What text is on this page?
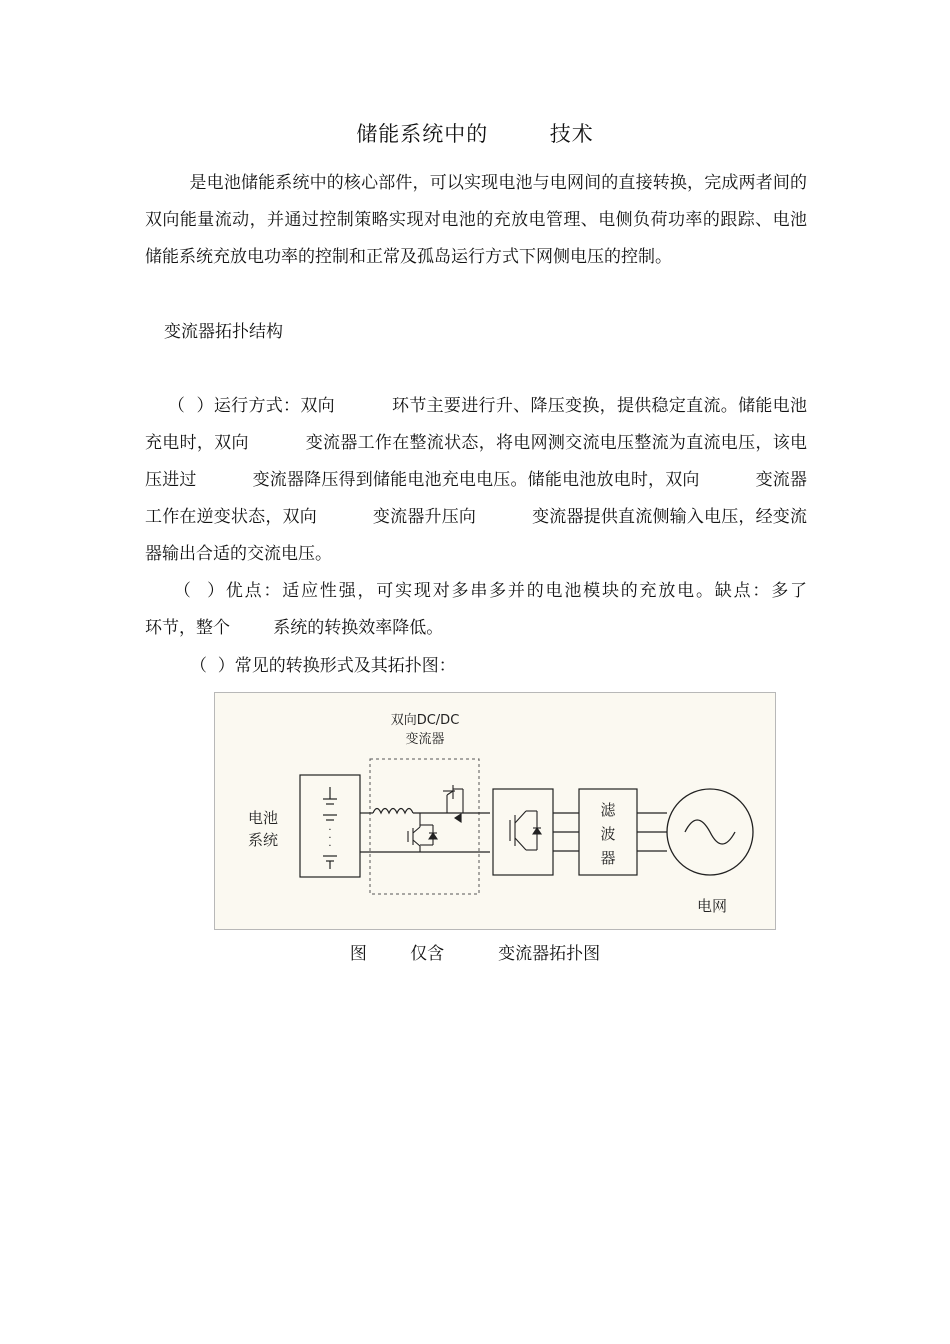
储能系统中的        技术

是电池储能系统中的核心部件，可以实现电池与电网间的直接转换，完成两者间的双向能量流动，并通过控制策略实现对电池的充放电管理、电侧负荷功率的跟踪、电池储能系统充放电功率的控制和正常及孤岛运行方式下网侧电压的控制。

变流器拓扑结构

（  ）运行方式：双向          环节主要进行升、降压变换，提供稳定直流。储能电池充电时，双向          变流器工作在整流状态，将电网测交流电压整流为直流电压，该电压进过          变流器降压得到储能电池充电电压。储能电池放电时，双向          变流器工作在逆变状态，双向          变流器升压向          变流器提供直流侧输入电压，经变流器输出合适的交流电压。

（  ）优点：适应性强，可实现对多串多并的电池模块的充放电。缺点：多了          环节，整个        系统的转换效率降低。

（  ）常见的转换形式及其拓扑图：
双向DC/DC
变流器
·
·
·
电池
系统
滤
波
器
电网
图        仅含          变流器拓扑图
